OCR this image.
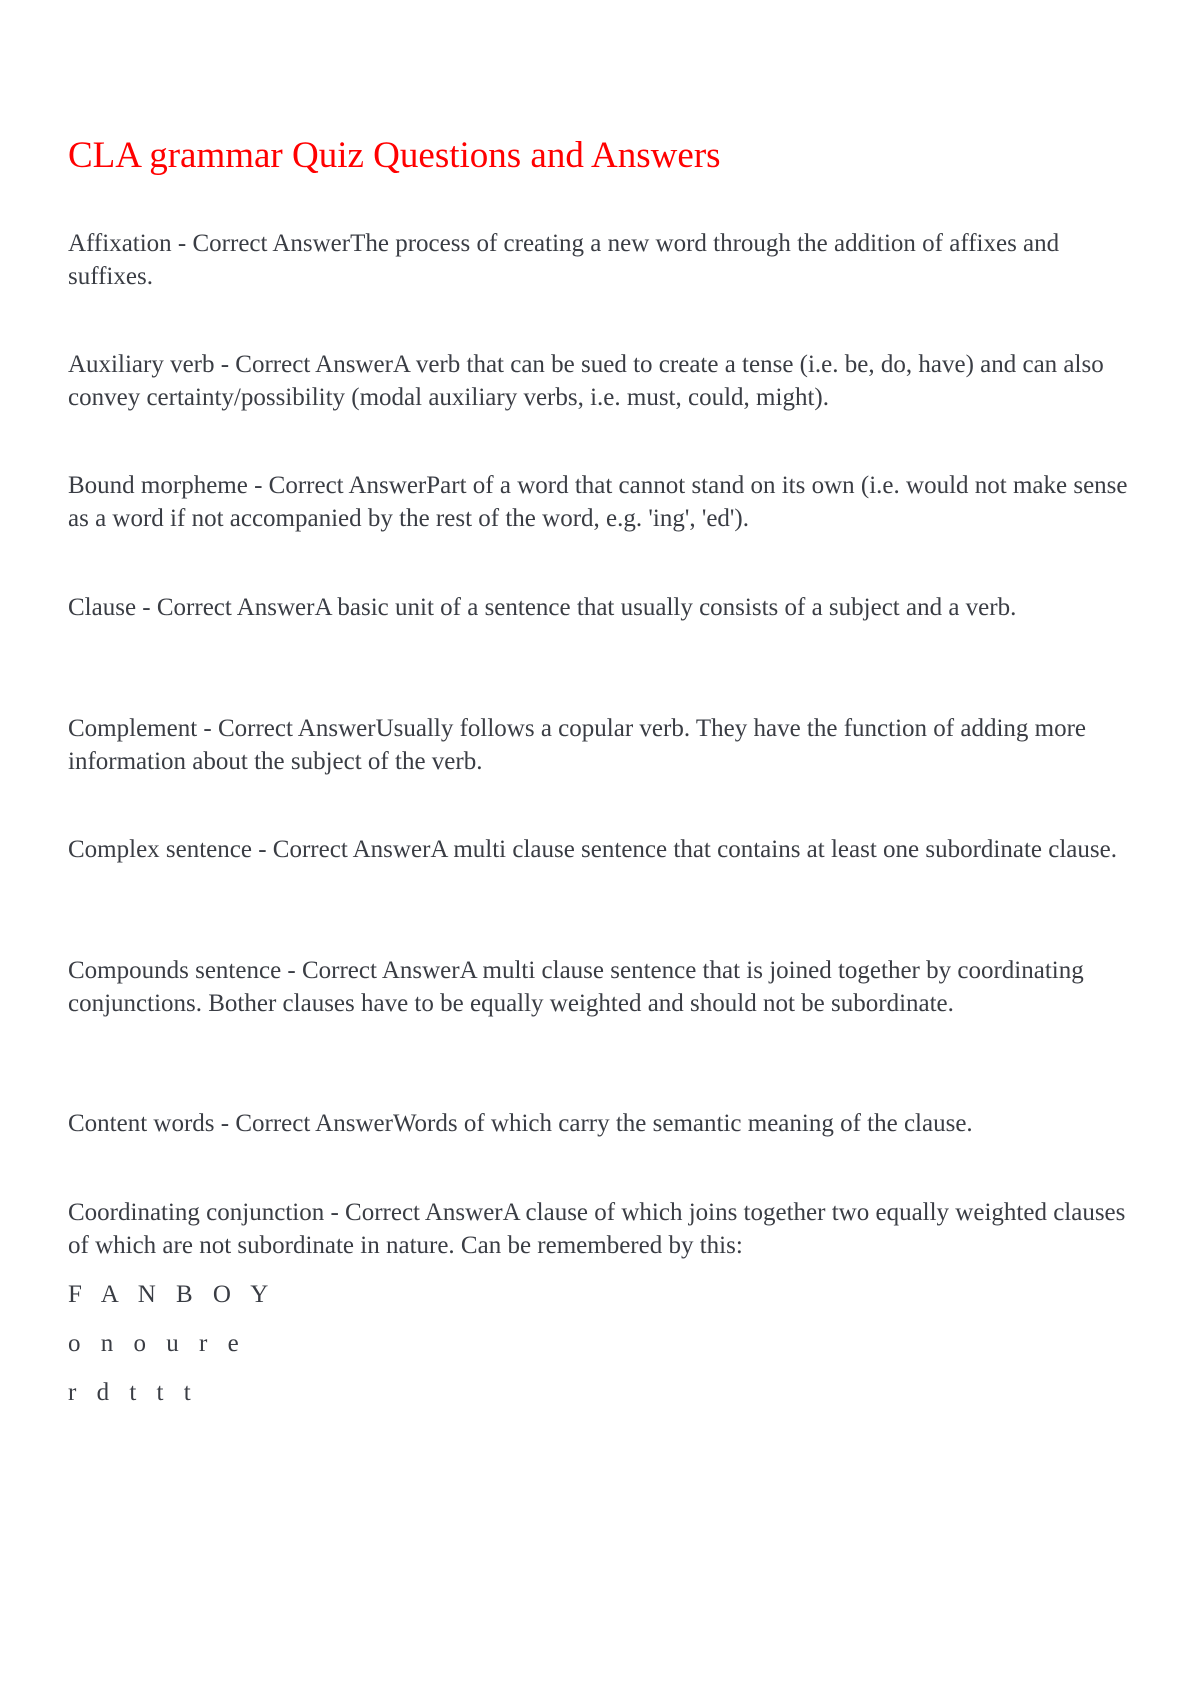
CLA grammar Quiz Questions and Answers

Affixation - Correct AnswerThe process of creating a new word through the addition of affixes and suffixes.

Auxiliary verb - Correct AnswerA verb that can be sued to create a tense (i.e. be, do, have) and can also convey certainty/possibility (modal auxiliary verbs, i.e. must, could, might).

Bound morpheme - Correct AnswerPart of a word that cannot stand on its own (i.e. would not make sense as a word if not accompanied by the rest of the word, e.g. 'ing', 'ed').

Clause - Correct AnswerA basic unit of a sentence that usually consists of a subject and a verb.

Complement - Correct AnswerUsually follows a copular verb. They have the function of adding more information about the subject of the verb.

Complex sentence - Correct AnswerA multi clause sentence that contains at least one subordinate clause.

Compounds sentence - Correct AnswerA multi clause sentence that is joined together by coordinating conjunctions. Bother clauses have to be equally weighted and should not be subordinate.

Content words - Correct AnswerWords of which carry the semantic meaning of the clause.

Coordinating conjunction - Correct AnswerA clause of which joins together two equally weighted clauses of which are not subordinate in nature. Can be remembered by this:

F A N B O Y

o n o u r e

r d t t t
